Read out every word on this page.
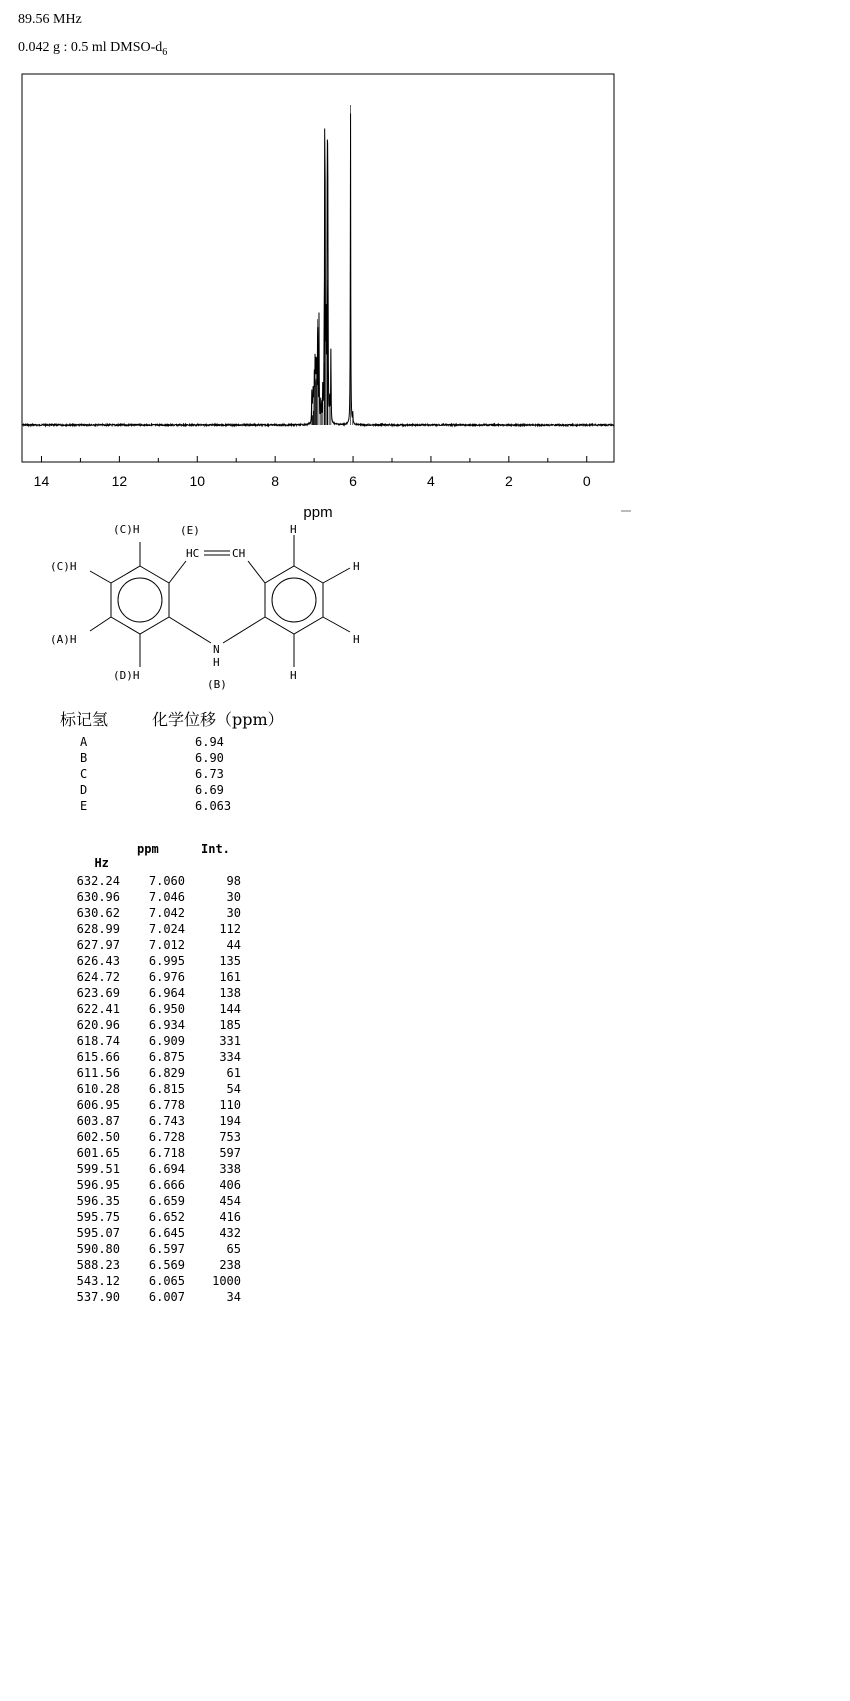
89.56 MHz
0.042 g : 0.5 ml DMSO-$d_6$
14	12	10	8	6	4	2	0
ppm
(C)H	(E)
(C)H
(A)H
(D)H
HC	CH
N
H
(B)
H
H
H
H
标记氢	化学位移（ppm）
A	6.94
B	6.90
C	6.73
D	6.69
E	6.063

Hz

ppm	Int.
632.24	7.060	98
630.96	7.046	30
630.62	7.042	30
628.99	7.024	112
627.97	7.012	44
626.43	6.995	135
624.72	6.976	161
623.69	6.964	138
622.41	6.950	144
620.96	6.934	185
618.74	6.909	331
615.66	6.875	334
611.56	6.829	61
610.28	6.815	54
606.95	6.778	110
603.87	6.743	194
602.50	6.728	753
601.65	6.718	597
599.51	6.694	338
596.95	6.666	406
596.35	6.659	454
595.75	6.652	416
595.07	6.645	432
590.80	6.597	65
588.23	6.569	238
543.12	6.065	1000
537.90	6.007	34
